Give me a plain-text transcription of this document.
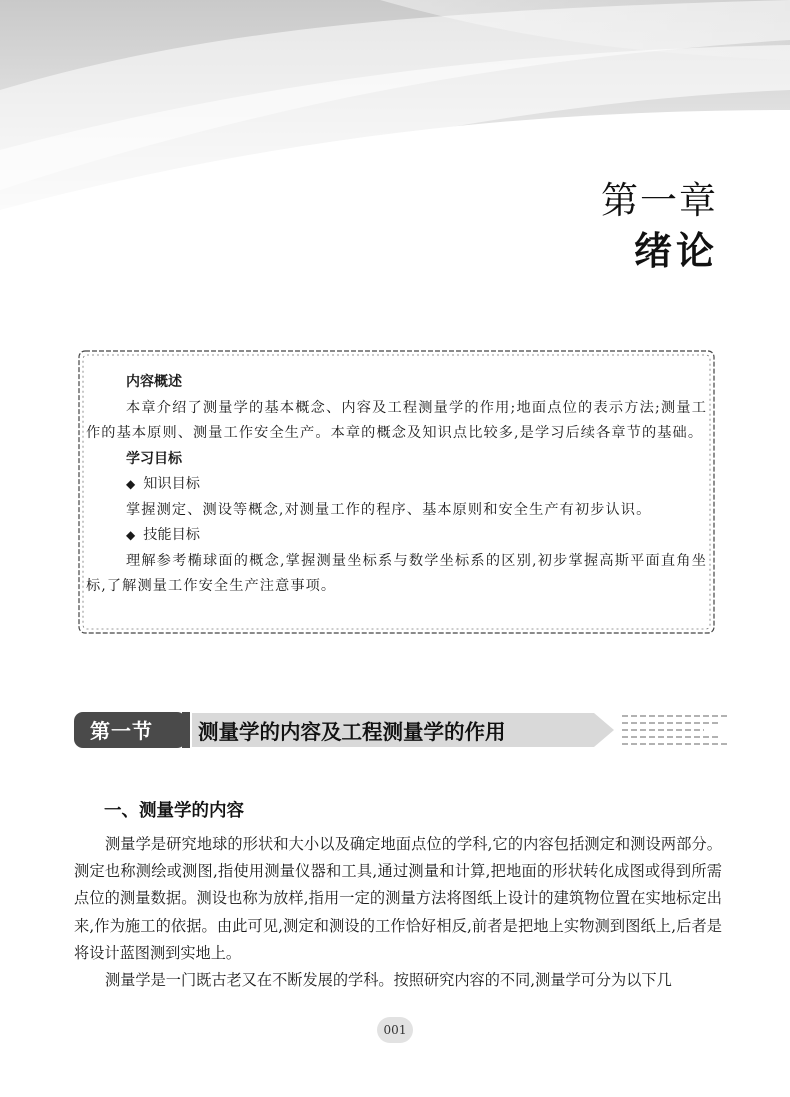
第一章
绪论
内容概述
本章介绍了测量学的基本概念、内容及工程测量学的作用;地面点位的表示方法;测量工作的基本原则、测量工作安全生产。本章的概念及知识点比较多,是学习后续各章节的基础。
学习目标
◆ 知识目标
掌握测定、测设等概念,对测量工作的程序、基本原则和安全生产有初步认识。
◆ 技能目标
理解参考椭球面的概念,掌握测量坐标系与数学坐标系的区别,初步掌握高斯平面直角坐标,了解测量工作安全生产注意事项。
第一节 测量学的内容及工程测量学的作用
一、测量学的内容

测量学是研究地球的形状和大小以及确定地面点位的学科,它的内容包括测定和测设两部分。测定也称测绘或测图,指使用测量仪器和工具,通过测量和计算,把地面的形状转化成图或得到所需点位的测量数据。测设也称为放样,指用一定的测量方法将图纸上设计的建筑物位置在实地标定出来,作为施工的依据。由此可见,测定和测设的工作恰好相反,前者是把地上实物测到图纸上,后者是将设计蓝图测到实地上。

测量学是一门既古老又在不断发展的学科。按照研究内容的不同,测量学可分为以下几

001
